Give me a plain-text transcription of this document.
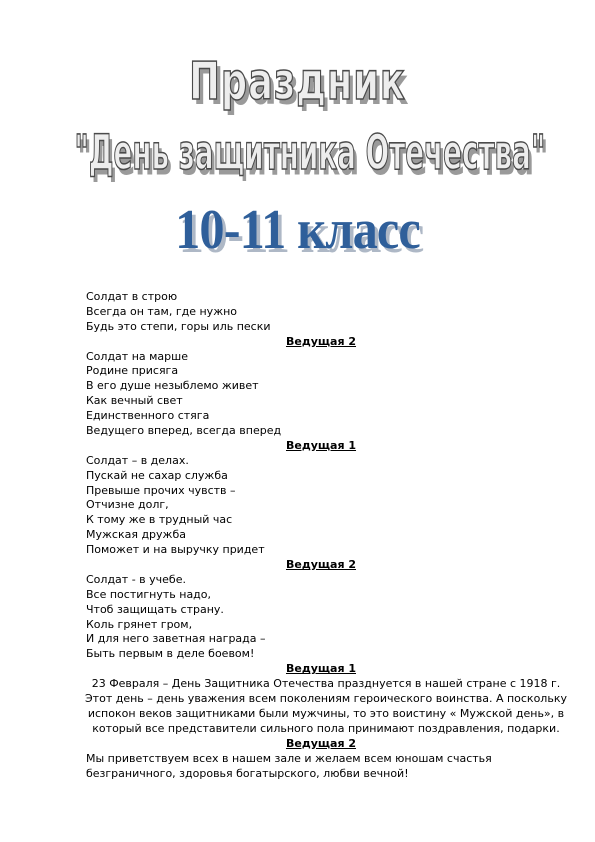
Праздник
"День защитника Отечества"
10-11 класс
Солдат в строю
Всегда он там, где нужно
Будь это степи, горы иль пески
Ведущая 2
Солдат на марше
Родине присяга
В его душе незыблемо живет
Как вечный свет
Единственного стяга
Ведущего вперед, всегда вперед
Ведущая 1
Солдат – в делах.
Пускай не сахар служба
Превыше прочих чувств –
Отчизне долг,
К тому же в трудный час
Мужская дружба
Поможет и на выручку придет
Ведущая 2
Солдат - в учебе.
Все постигнуть надо,
Чтоб защищать страну.
Коль грянет гром,
И для него заветная награда –
Быть первым в деле боевом!
Ведущая 1
23 Февраля – День Защитника Отечества празднуется в нашей стране с 1918 г.
Этот день – день уважения всем поколениям героического воинства. А поскольку
испокон веков защитниками были мужчины, то это воистину « Мужской день», в
который все представители сильного пола принимают поздравления, подарки.
Ведущая 2
Мы приветствуем всех в нашем зале и желаем всем юношам счастья
безграничного, здоровья богатырского, любви вечной!
